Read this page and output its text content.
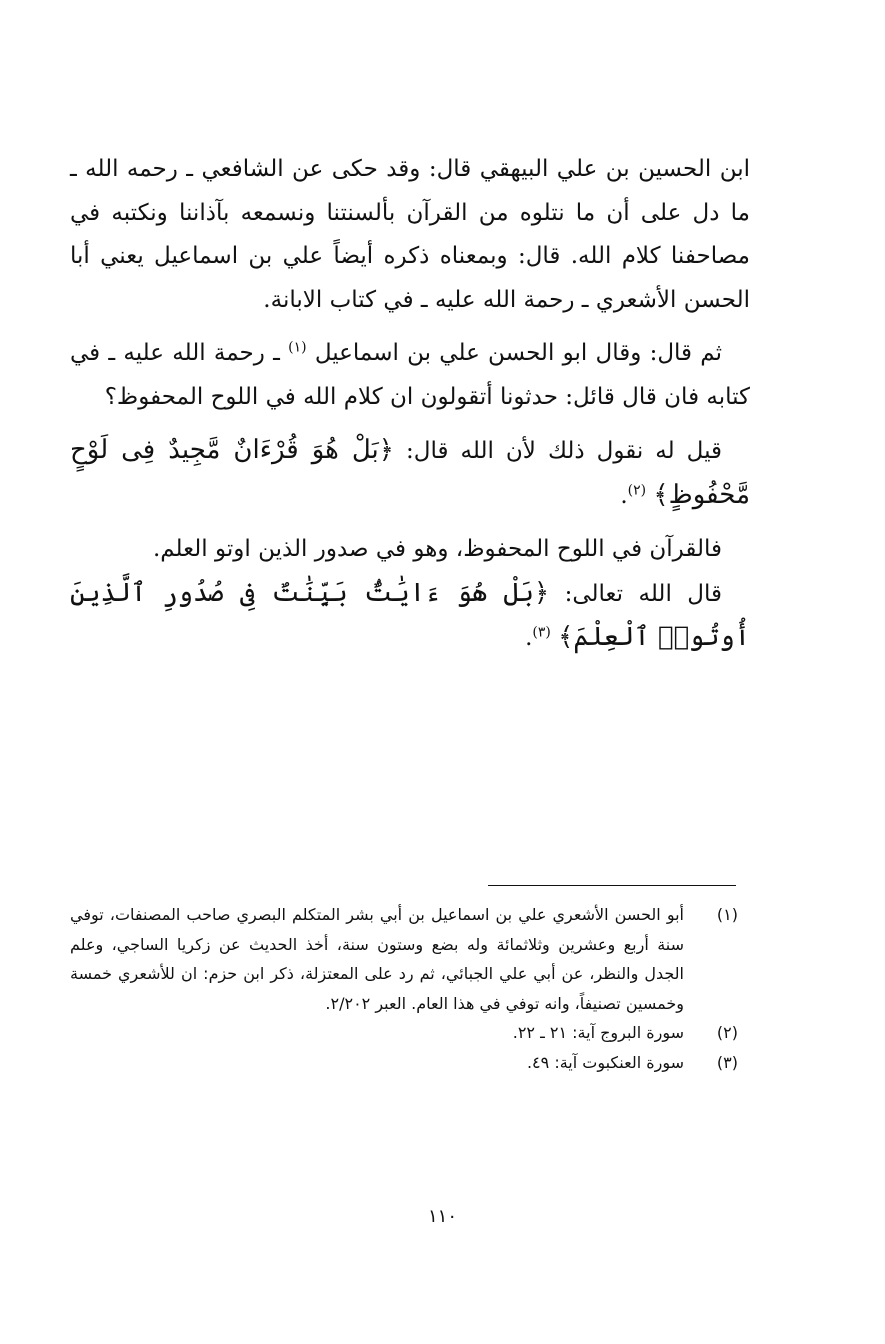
ابن الحسين بن علي البيهقي قال: وقد حكى عن الشافعي ـ رحمه الله ـ ما دل على أن ما نتلوه من القرآن بألسنتنا ونسمعه بآذاننا ونكتبه في مصاحفنا كلام الله. قال: وبمعناه ذكره أيضاً علي بن اسماعيل يعني أبا الحسن الأشعري ـ رحمة الله عليه ـ في كتاب الابانة.

ثم قال: وقال ابو الحسن علي بن اسماعيل $^{(١)}$ ـ رحمة الله عليه ـ في كتابه فان قال قائل: حدثونا أتقولون ان كلام الله في اللوح المحفوظ؟

قيل له نقول ذلك لأن الله قال: ﴿بَلْ هُوَ قُرْءَانٌ مَّجِيدٌ فِى لَوْحٍ مَّحْفُوظٍ﴾ $^{(٢)}$.

فالقرآن في اللوح المحفوظ، وهو في صدور الذين اوتو العلم.

قال الله تعالى: ﴿بَلْ هُوَ ءَايَٰتٌۢ بَيِّنَٰتٌ فِى صُدُورِ ٱلَّذِينَ أُوتُوا۟ ٱلْعِلْمَ﴾ $^{(٣)}$.

(١)
أبو الحسن الأشعري علي بن اسماعيل بن أبي بشر المتكلم البصري صاحب المصنفات، توفي سنة أربع وعشرين وثلاثمائة وله بضع وستون سنة، أخذ الحديث عن زكريا الساجي، وعلم الجدل والنظر، عن أبي علي الجبائي، ثم رد على المعتزلة، ذكر ابن حزم: ان للأشعري خمسة وخمسين تصنيفاً، وانه توفي في هذا العام. العبر ٢/٢٠٢.
(٢)
سورة البروج آية: ٢١ ـ ٢٢.
(٣)
سورة العنكبوت آية: ٤٩.
١١٠
